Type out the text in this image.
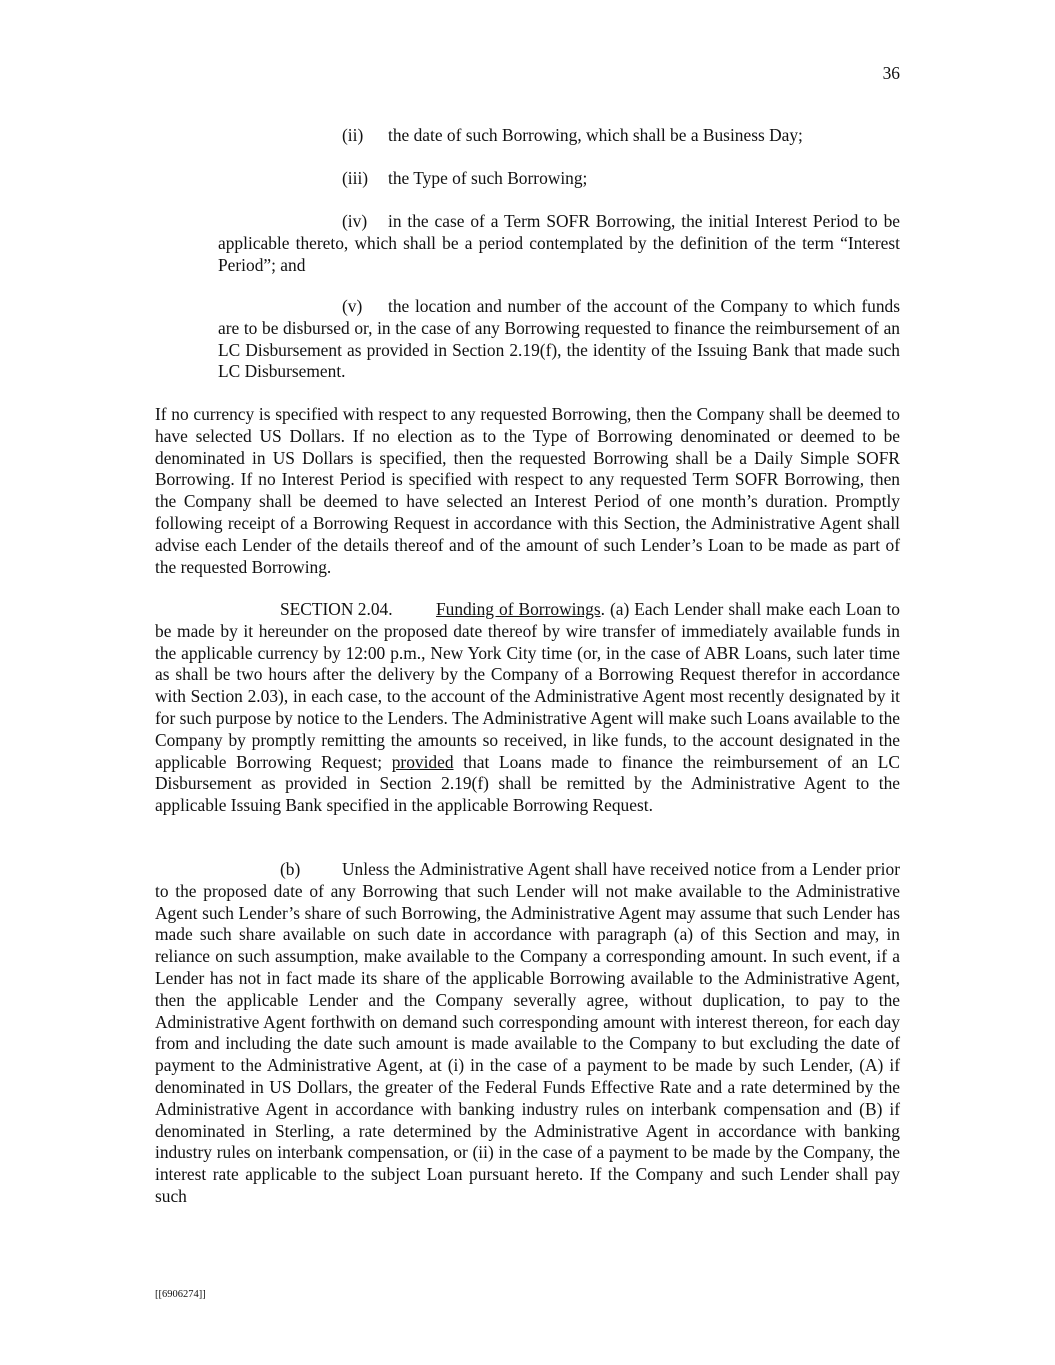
36
(ii) the date of such Borrowing, which shall be a Business Day;
(iii) the Type of such Borrowing;
(iv) in the case of a Term SOFR Borrowing, the initial Interest Period to be applicable thereto, which shall be a period contemplated by the definition of the term “Interest Period”; and
(v) the location and number of the account of the Company to which funds are to be disbursed or, in the case of any Borrowing requested to finance the reimbursement of an LC Disbursement as provided in Section 2.19(f), the identity of the Issuing Bank that made such LC Disbursement.
If no currency is specified with respect to any requested Borrowing, then the Company shall be deemed to have selected US Dollars. If no election as to the Type of Borrowing denominated or deemed to be denominated in US Dollars is specified, then the requested Borrowing shall be a Daily Simple SOFR Borrowing. If no Interest Period is specified with respect to any requested Term SOFR Borrowing, then the Company shall be deemed to have selected an Interest Period of one month’s duration. Promptly following receipt of a Borrowing Request in accordance with this Section, the Administrative Agent shall advise each Lender of the details thereof and of the amount of such Lender’s Loan to be made as part of the requested Borrowing.
SECTION 2.04. Funding of Borrowings. (a) Each Lender shall make each Loan to be made by it hereunder on the proposed date thereof by wire transfer of immediately available funds in the applicable currency by 12:00 p.m., New York City time (or, in the case of ABR Loans, such later time as shall be two hours after the delivery by the Company of a Borrowing Request therefor in accordance with Section 2.03), in each case, to the account of the Administrative Agent most recently designated by it for such purpose by notice to the Lenders. The Administrative Agent will make such Loans available to the Company by promptly remitting the amounts so received, in like funds, to the account designated in the applicable Borrowing Request; provided that Loans made to finance the reimbursement of an LC Disbursement as provided in Section 2.19(f) shall be remitted by the Administrative Agent to the applicable Issuing Bank specified in the applicable Borrowing Request.
(b) Unless the Administrative Agent shall have received notice from a Lender prior to the proposed date of any Borrowing that such Lender will not make available to the Administrative Agent such Lender’s share of such Borrowing, the Administrative Agent may assume that such Lender has made such share available on such date in accordance with paragraph (a) of this Section and may, in reliance on such assumption, make available to the Company a corresponding amount. In such event, if a Lender has not in fact made its share of the applicable Borrowing available to the Administrative Agent, then the applicable Lender and the Company severally agree, without duplication, to pay to the Administrative Agent forthwith on demand such corresponding amount with interest thereon, for each day from and including the date such amount is made available to the Company to but excluding the date of payment to the Administrative Agent, at (i) in the case of a payment to be made by such Lender, (A) if denominated in US Dollars, the greater of the Federal Funds Effective Rate and a rate determined by the Administrative Agent in accordance with banking industry rules on interbank compensation and (B) if denominated in Sterling, a rate determined by the Administrative Agent in accordance with banking industry rules on interbank compensation, or (ii) in the case of a payment to be made by the Company, the interest rate applicable to the subject Loan pursuant hereto. If the Company and such Lender shall pay such
[[6906274]]
